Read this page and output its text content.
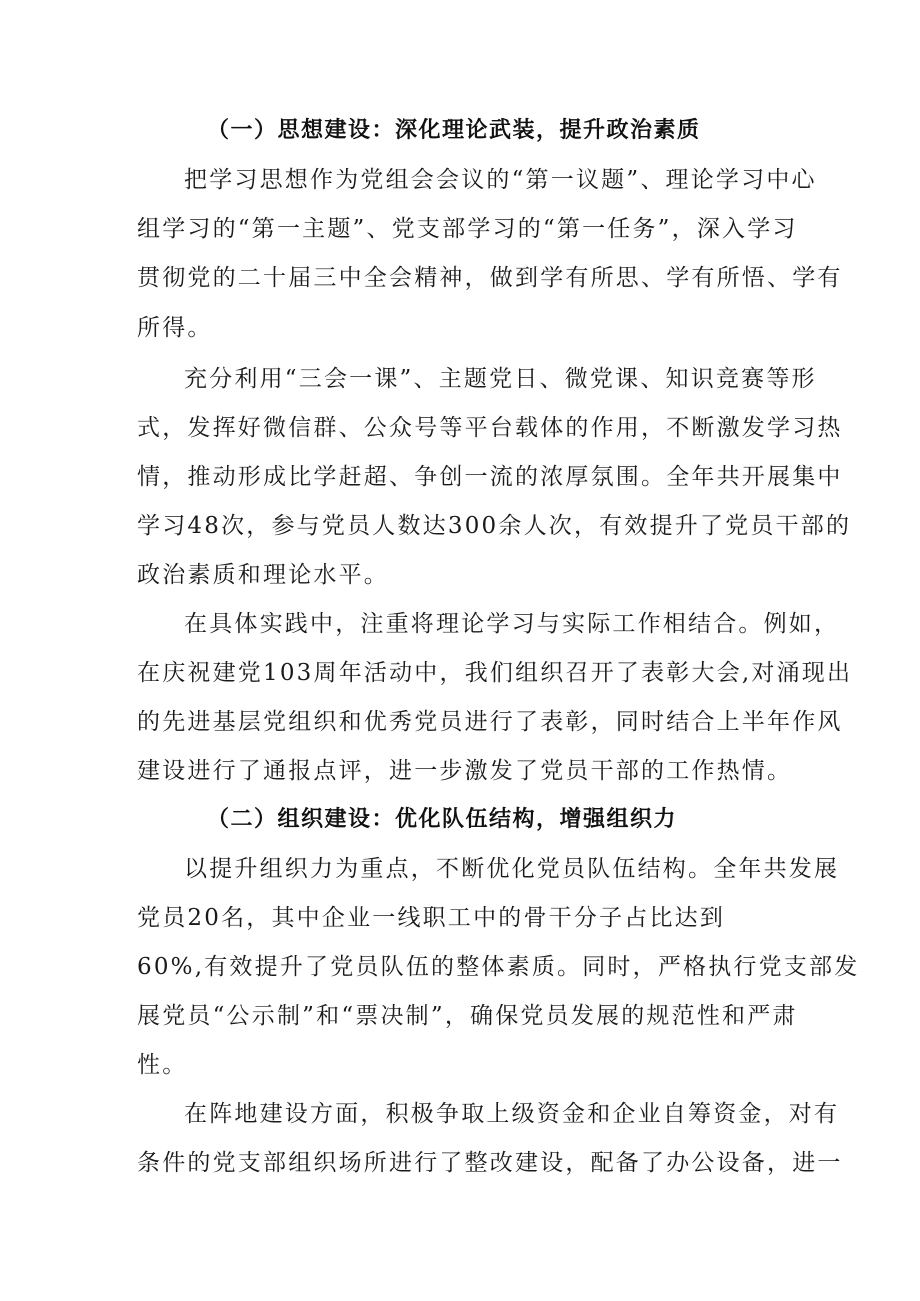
（一）思想建设：深化理论武装，提升政治素质
把学习思想作为党组会会议的“第一议题”、理论学习中心
组学习的“第一主题”、党支部学习的“第一任务”，深入学习
贯彻党的二十届三中全会精神，做到学有所思、学有所悟、学有
所得。
充分利用“三会一课”、主题党日、微党课、知识竞赛等形
式，发挥好微信群、公众号等平台载体的作用，不断激发学习热
情，推动形成比学赶超、争创一流的浓厚氛围。全年共开展集中
学习48次，参与党员人数达300余人次，有效提升了党员干部的
政治素质和理论水平。
在具体实践中，注重将理论学习与实际工作相结合。例如，
在庆祝建党103周年活动中，我们组织召开了表彰大会,对涌现出
的先进基层党组织和优秀党员进行了表彰，同时结合上半年作风
建设进行了通报点评，进一步激发了党员干部的工作热情。
（二）组织建设：优化队伍结构，增强组织力
以提升组织力为重点，不断优化党员队伍结构。全年共发展
党员20名，其中企业一线职工中的骨干分子占比达到
60%,有效提升了党员队伍的整体素质。同时，严格执行党支部发
展党员“公示制”和“票决制”，确保党员发展的规范性和严肃
性。
在阵地建设方面，积极争取上级资金和企业自筹资金，对有
条件的党支部组织场所进行了整改建设，配备了办公设备，进一
